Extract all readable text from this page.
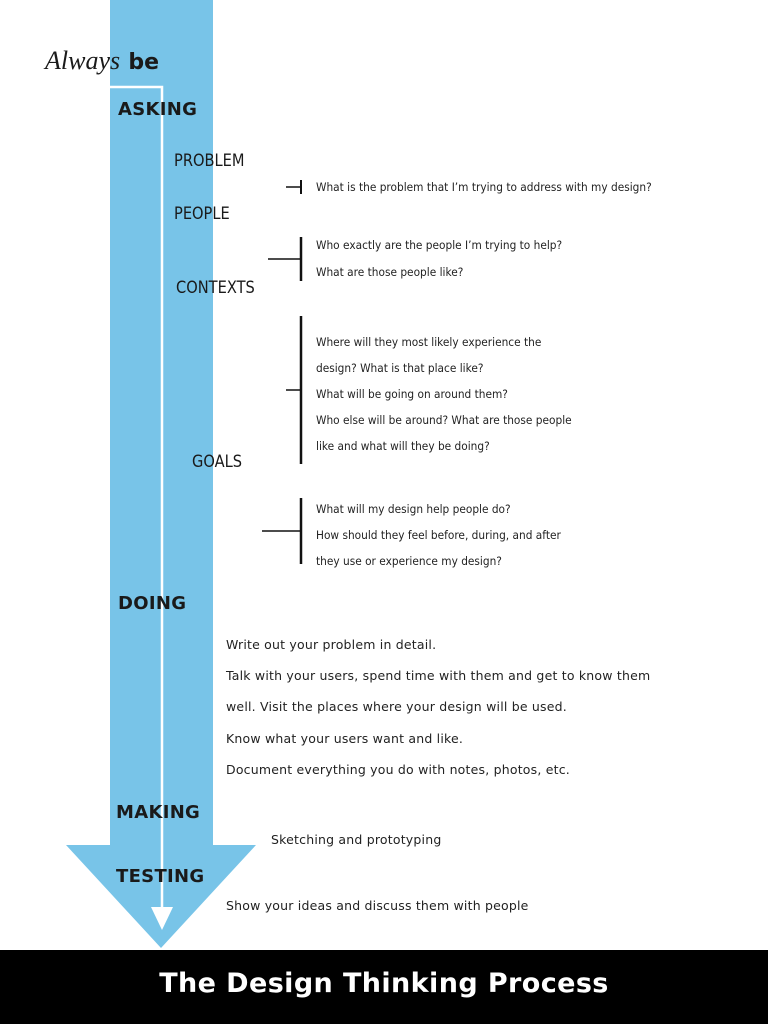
Always be
ASKING
DOING
MAKING
TESTING
PROBLEM
PEOPLE
CONTEXTS
GOALS
What is the problem that I’m trying to address with my design?
Who exactly are the people I’m trying to help?
What are those people like?
Where will they most likely experience the
design? What is that place like?
What will be going on around them?
Who else will be around? What are those people
like and what will they be doing?
What will my design help people do?
How should they feel before, during, and after
they use or experience my design?
Write out your problem in detail.
Talk with your users, spend time with them and get to know them
well. Visit the places where your design will be used.
Know what your users want and like.
Document everything you do with notes, photos, etc.
Sketching and prototyping
Show your ideas and discuss them with people
The Design Thinking Process
